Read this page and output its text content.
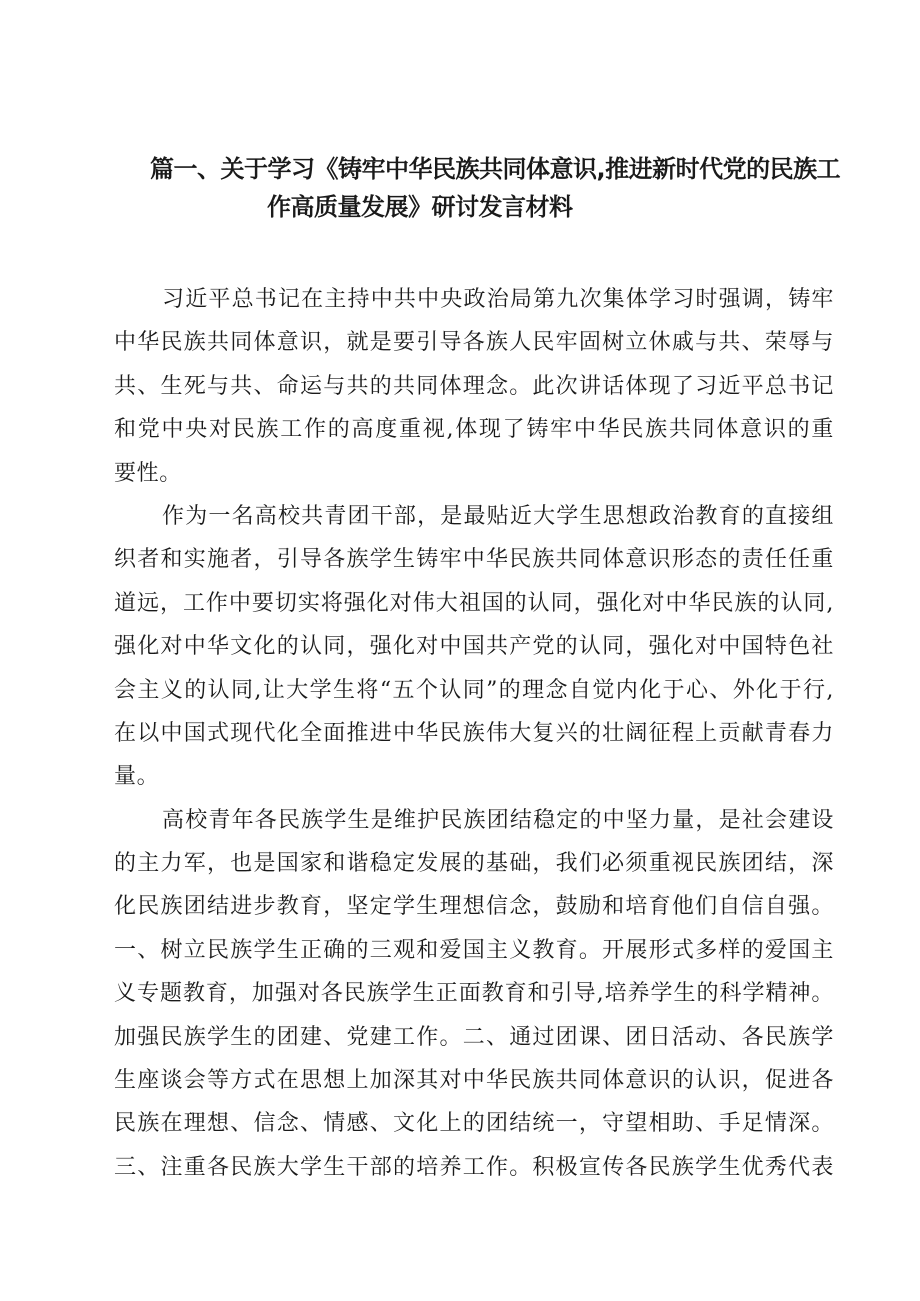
篇一、关于学习《铸牢中华民族共同体意识,推进新时代党的民族工
作高质量发展》研讨发言材料
习近平总书记在主持中共中央政治局第九次集体学习时强调，铸牢
中华民族共同体意识，就是要引导各族人民牢固树立休戚与共、荣辱与
共、生死与共、命运与共的共同体理念。此次讲话体现了习近平总书记
和党中央对民族工作的高度重视,体现了铸牢中华民族共同体意识的重
要性。
作为一名高校共青团干部，是最贴近大学生思想政治教育的直接组
织者和实施者，引导各族学生铸牢中华民族共同体意识形态的责任任重
道远，工作中要切实将强化对伟大祖国的认同，强化对中华民族的认同,
强化对中华文化的认同，强化对中国共产党的认同，强化对中国特色社
会主义的认同,让大学生将“五个认同”的理念自觉内化于心、外化于行,
在以中国式现代化全面推进中华民族伟大复兴的壮阔征程上贡献青春力
量。
高校青年各民族学生是维护民族团结稳定的中坚力量，是社会建设
的主力军，也是国家和谐稳定发展的基础，我们必须重视民族团结，深
化民族团结进步教育，坚定学生理想信念，鼓励和培育他们自信自强。
一、树立民族学生正确的三观和爱国主义教育。开展形式多样的爱国主
义专题教育，加强对各民族学生正面教育和引导,培养学生的科学精神。
加强民族学生的团建、党建工作。二、通过团课、团日活动、各民族学
生座谈会等方式在思想上加深其对中华民族共同体意识的认识，促进各
民族在理想、信念、情感、文化上的团结统一，守望相助、手足情深。
三、注重各民族大学生干部的培养工作。积极宣传各民族学生优秀代表
